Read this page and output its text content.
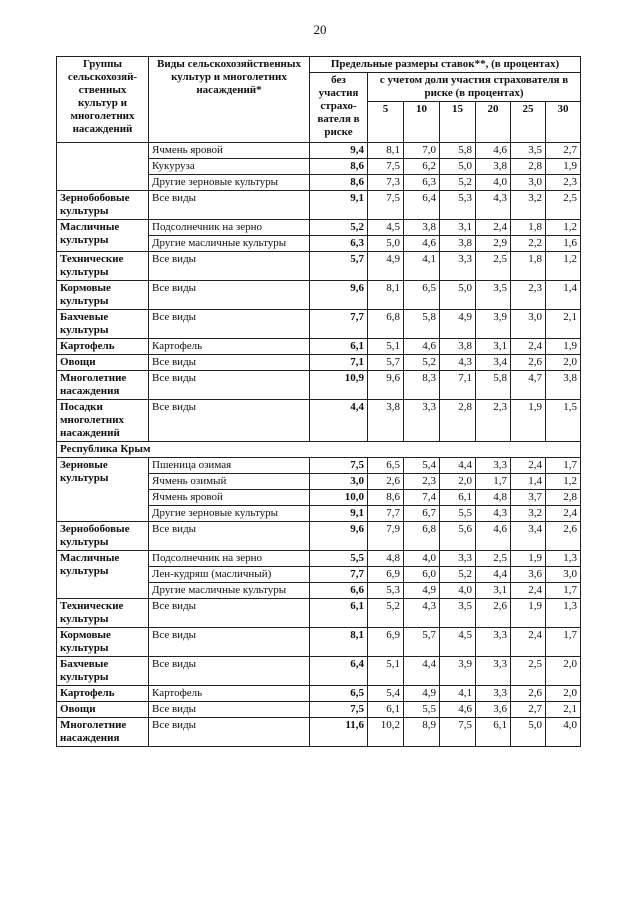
20
Группы сельскохозяй-ственных культур и многолетних насаждений	Виды сельскохозяйственных культур и многолетних насаждений*	Предельные размеры ставок**, (в процентах)						
		без участия страхо-вателя в риске	с учетом доли участия страхователя в риске (в процентах)					
			5	10	15	20	25	30
	Ячмень яровой	9,4	8,1	7,0	5,8	4,6	3,5	2,7
	Кукуруза	8,6	7,5	6,2	5,0	3,8	2,8	1,9
	Другие зерновые культуры	8,6	7,3	6,3	5,2	4,0	3,0	2,3
Зернобобовые культуры	Все виды	9,1	7,5	6,4	5,3	4,3	3,2	2,5
Масличные культуры	Подсолнечник на зерно	5,2	4,5	3,8	3,1	2,4	1,8	1,2
	Другие масличные культуры	6,3	5,0	4,6	3,8	2,9	2,2	1,6
Технические культуры	Все виды	5,7	4,9	4,1	3,3	2,5	1,8	1,2
Кормовые культуры	Все виды	9,6	8,1	6,5	5,0	3,5	2,3	1,4
Бахчевые культуры	Все виды	7,7	6,8	5,8	4,9	3,9	3,0	2,1
Картофель	Картофель	6,1	5,1	4,6	3,8	3,1	2,4	1,9
Овощи	Все виды	7,1	5,7	5,2	4,3	3,4	2,6	2,0
Многолетние насаждения	Все виды	10,9	9,6	8,3	7,1	5,8	4,7	3,8
Посадки многолетних насаждений	Все виды	4,4	3,8	3,3	2,8	2,3	1,9	1,5
Республика Крым								
Зерновые культуры	Пшеница озимая	7,5	6,5	5,4	4,4	3,3	2,4	1,7
	Ячмень озимый	3,0	2,6	2,3	2,0	1,7	1,4	1,2
	Ячмень яровой	10,0	8,6	7,4	6,1	4,8	3,7	2,8
	Другие зерновые культуры	9,1	7,7	6,7	5,5	4,3	3,2	2,4
Зернобобовые культуры	Все виды	9,6	7,9	6,8	5,6	4,6	3,4	2,6
Масличные культуры	Подсолнечник на зерно	5,5	4,8	4,0	3,3	2,5	1,9	1,3
	Лен-кудряш (масличный)	7,7	6,9	6,0	5,2	4,4	3,6	3,0
	Другие масличные культуры	6,6	5,3	4,9	4,0	3,1	2,4	1,7
Технические культуры	Все виды	6,1	5,2	4,3	3,5	2,6	1,9	1,3
Кормовые культуры	Все виды	8,1	6,9	5,7	4,5	3,3	2,4	1,7
Бахчевые культуры	Все виды	6,4	5,1	4,4	3,9	3,3	2,5	2,0
Картофель	Картофель	6,5	5,4	4,9	4,1	3,3	2,6	2,0
Овощи	Все виды	7,5	6,1	5,5	4,6	3,6	2,7	2,1
Многолетние насаждения	Все виды	11,6	10,2	8,9	7,5	6,1	5,0	4,0
